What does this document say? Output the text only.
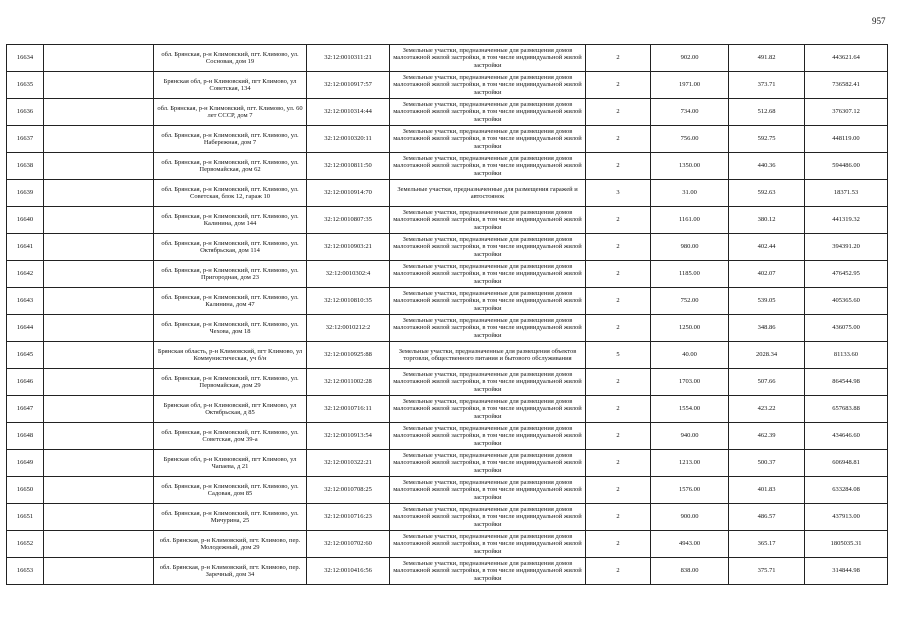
957
16634		обл. Брянская, р-н Климовский, пгт. Климово, ул. Сосновая, дом 19	32:12:0010311:21	Земельные участки, предназначенные для размещения домов малоэтажной жилой застройки, в том числе индивидуальной жилой застройки	2	902.00	491.82	443621.64
16635		Брянская обл, р-н Климовский, пгт Климово, ул Советская, 134	32:12:0010917:57	Земельные участки, предназначенные для размещения домов малоэтажной жилой застройки, в том числе индивидуальной жилой застройки	2	1971.00	373.71	736582.41
16636		обл. Брянская, р-н Климовский, пгт. Климово, ул. 60 лет СССР, дом 7	32:12:0010314:44	Земельные участки, предназначенные для размещения домов малоэтажной жилой застройки, в том числе индивидуальной жилой застройки	2	734.00	512.68	376307.12
16637		обл. Брянская, р-н Климовский, пгт. Климово, ул. Набережная, дом 7	32:12:0010320:11	Земельные участки, предназначенные для размещения домов малоэтажной жилой застройки, в том числе индивидуальной жилой застройки	2	756.00	592.75	448119.00
16638		обл. Брянская, р-н Климовский, пгт. Климово, ул. Первомайская, дом 62	32:12:0010811:50	Земельные участки, предназначенные для размещения домов малоэтажной жилой застройки, в том числе индивидуальной жилой застройки	2	1350.00	440.36	594486.00
16639		обл. Брянская, р-н Климовский, пгт. Климово, ул. Советская, блок 12, гараж 10	32:12:0010914:70	Земельные участки, предназначенные для размещения гаражей и автостоянок	3	31.00	592.63	18371.53
16640		обл. Брянская, р-н Климовский, пгт. Климово, ул. Калинина, дом 144	32:12:0010807:35	Земельные участки, предназначенные для размещения домов малоэтажной жилой застройки, в том числе индивидуальной жилой застройки	2	1161.00	380.12	441319.32
16641		обл. Брянская, р-н Климовский, пгт. Климово, ул. Октябрьская, дом 114	32:12:0010903:21	Земельные участки, предназначенные для размещения домов малоэтажной жилой застройки, в том числе индивидуальной жилой застройки	2	980.00	402.44	394391.20
16642		обл. Брянская, р-н Климовский, пгт. Климово, ул. Пригородная, дом 23	32:12:0010302:4	Земельные участки, предназначенные для размещения домов малоэтажной жилой застройки, в том числе индивидуальной жилой застройки	2	1185.00	402.07	476452.95
16643		обл. Брянская, р-н Климовский, пгт. Климово, ул. Калинина, дом 47	32:12:0010810:35	Земельные участки, предназначенные для размещения домов малоэтажной жилой застройки, в том числе индивидуальной жилой застройки	2	752.00	539.05	405365.60
16644		обл. Брянская, р-н Климовский, пгт. Климово, ул. Чехова, дом 18	32:12:0010212:2	Земельные участки, предназначенные для размещения домов малоэтажной жилой застройки, в том числе индивидуальной жилой застройки	2	1250.00	348.86	436075.00
16645		Брянская область, р-н Климовский, пгт Климово, ул Коммунистическая, уч б/н	32:12:0010925:88	Земельные участки, предназначенные для размещения объектов торговли, общественного питания и бытового обслуживания	5	40.00	2028.34	81133.60
16646		обл. Брянская, р-н Климовский, пгт. Климово, ул. Первомайская, дом 29	32:12:0011002:28	Земельные участки, предназначенные для размещения домов малоэтажной жилой застройки, в том числе индивидуальной жилой застройки	2	1703.00	507.66	864544.98
16647		Брянская обл, р-н Климовский, пгт Климово, ул Октябрьская, д 85	32:12:0010716:11	Земельные участки, предназначенные для размещения домов малоэтажной жилой застройки, в том числе индивидуальной жилой застройки	2	1554.00	423.22	657683.88
16648		обл. Брянская, р-н Климовский, пгт. Климово, ул. Советская, дом 39-а	32:12:0010913:54	Земельные участки, предназначенные для размещения домов малоэтажной жилой застройки, в том числе индивидуальной жилой застройки	2	940.00	462.39	434646.60
16649		Брянская обл, р-н Климовский, пгт Климово, ул Чапаева, д 21	32:12:0010322:21	Земельные участки, предназначенные для размещения домов малоэтажной жилой застройки, в том числе индивидуальной жилой застройки	2	1213.00	500.37	606948.81
16650		обл. Брянская, р-н Климовский, пгт. Климово, ул. Садовая, дом 85	32:12:0010708:25	Земельные участки, предназначенные для размещения домов малоэтажной жилой застройки, в том числе индивидуальной жилой застройки	2	1576.00	401.83	633284.08
16651		обл. Брянская, р-н Климовский, пгт. Климово, ул. Мичурина, 25	32:12:0010716:23	Земельные участки, предназначенные для размещения домов малоэтажной жилой застройки, в том числе индивидуальной жилой застройки	2	900.00	486.57	437913.00
16652		обл. Брянская, р-н Климовский, пгт. Климово, пер. Молодежный, дом 29	32:12:0010702:60	Земельные участки, предназначенные для размещения домов малоэтажной жилой застройки, в том числе индивидуальной жилой застройки	2	4943.00	365.17	1805035.31
16653		обл. Брянская, р-н Климовский, пгт. Климово, пер. Заречный, дом 34	32:12:0010416:56	Земельные участки, предназначенные для размещения домов малоэтажной жилой застройки, в том числе индивидуальной жилой застройки	2	838.00	375.71	314844.98
